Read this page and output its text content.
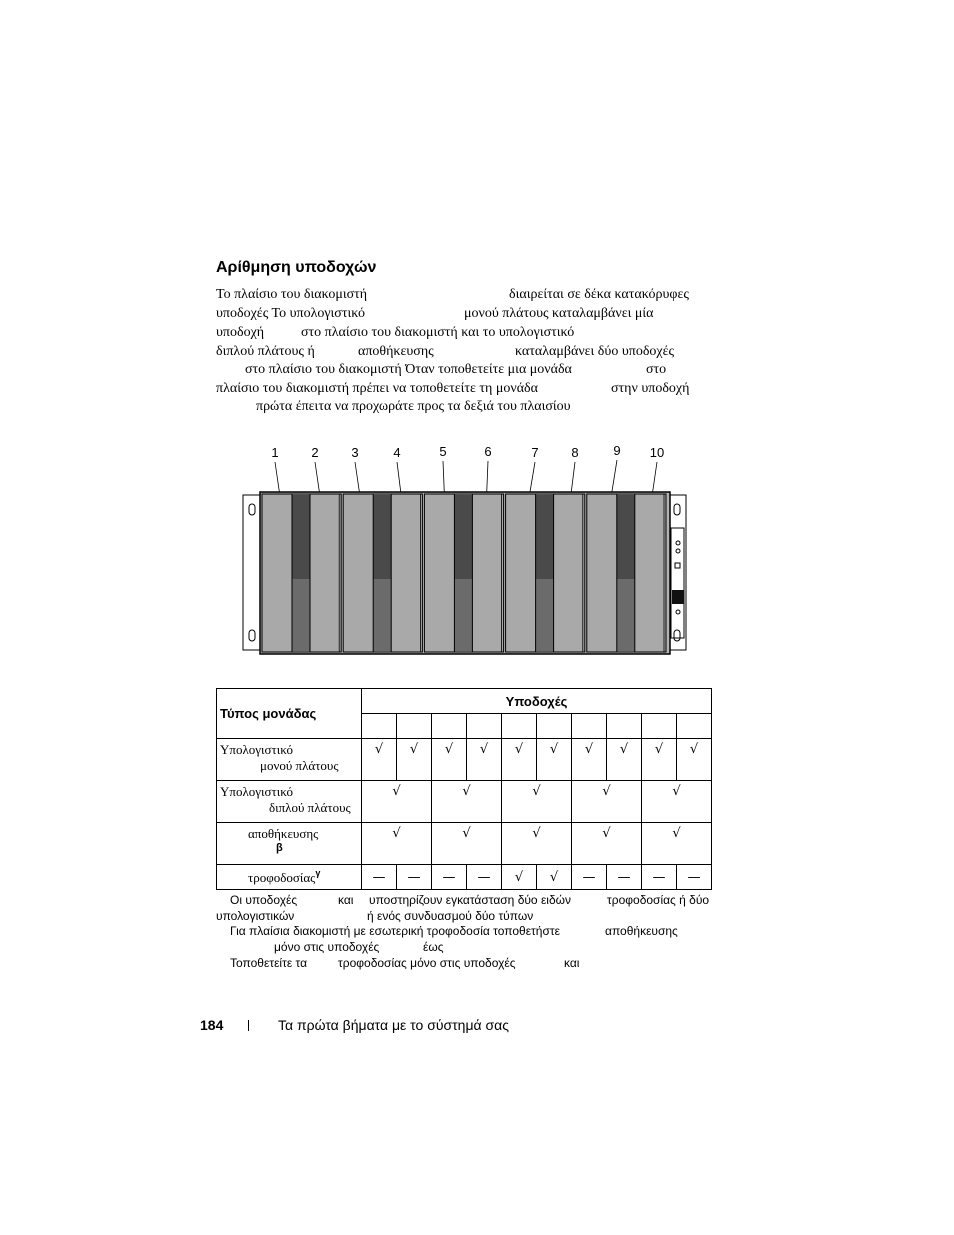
Αρίθμηση υποδοχών
Το πλαίσιο του διακομιστή	διαιρείται σε δέκα κατακόρυφες
υποδοχές Το υπολογιστικό	μονού πλάτους καταλαμβάνει μία
υποδοχή	στο πλαίσιο του διακομιστή και το υπολογιστικό
διπλού πλάτους ή	αποθήκευσης	καταλαμβάνει δύο υποδοχές
στο πλαίσιο του διακομιστή Όταν τοποθετείτε μια μονάδα	στο
πλαίσιο του διακομιστή πρέπει να τοποθετείτε τη μονάδα	στην υποδοχή
πρώτα έπειτα να προχωράτε προς τα δεξιά του πλαισίου
1	2	3	4	5	6	7	8	9 10
Τύπος μονάδας	Υποδοχές									

Υπολογιστικό
μονού πλάτους	√	√	√	√	√	√	√	√	√	√

Υπολογιστικό
διπλού πλάτους	√		√		√		√		√	

αποθήκευσης
β	√		√		√		√		√	
τροφοδοσίας$^\gamma$	—	—	—	—	√	√	—	—	—	—
Οι υποδοχές	και υποστηρίζουν εγκατάσταση δύο ειδών	τροφοδοσίας ή δύο
υπολογιστικών	ή ενός συνδυασμού δύο τύπων
Για πλαίσια διακομιστή με εσωτερική τροφοδοσία τοποθετήστε	αποθήκευσης
μόνο στις υποδοχές	έως
Τοποθετείτε τα	τροφοδοσίας μόνο στις υποδοχές	και
184	Τα πρώτα βήματα με το σύστημά σας
